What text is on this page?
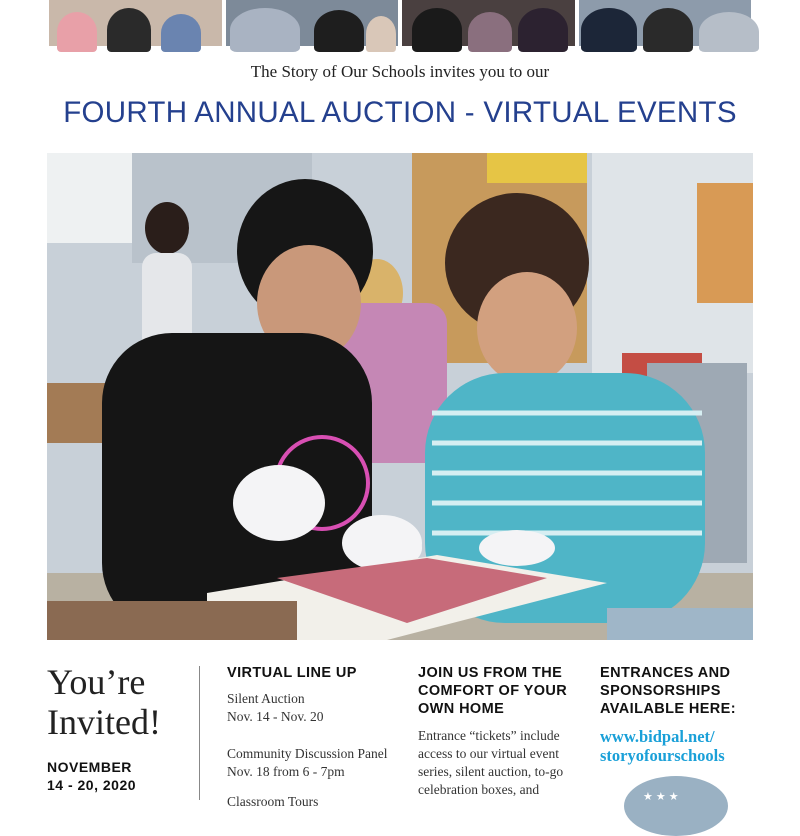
The Story of Our Schools invites you to our
FOURTH ANNUAL AUCTION - VIRTUAL EVENTS
You’re
Invited!
NOVEMBER
14 - 20, 2020
VIRTUAL LINE UP
Silent Auction
Nov. 14 - Nov. 20
Community Discussion Panel
Nov. 18 from 6 - 7pm
Classroom Tours
JOIN US FROM THE
COMFORT OF YOUR
OWN HOME
Entrance “tickets” include
access to our virtual event
series, silent auction, to-go
celebration boxes, and
ENTRANCES AND
SPONSORSHIPS
AVAILABLE HERE:
www.bidpal.net/
storyofourschools
★★★
